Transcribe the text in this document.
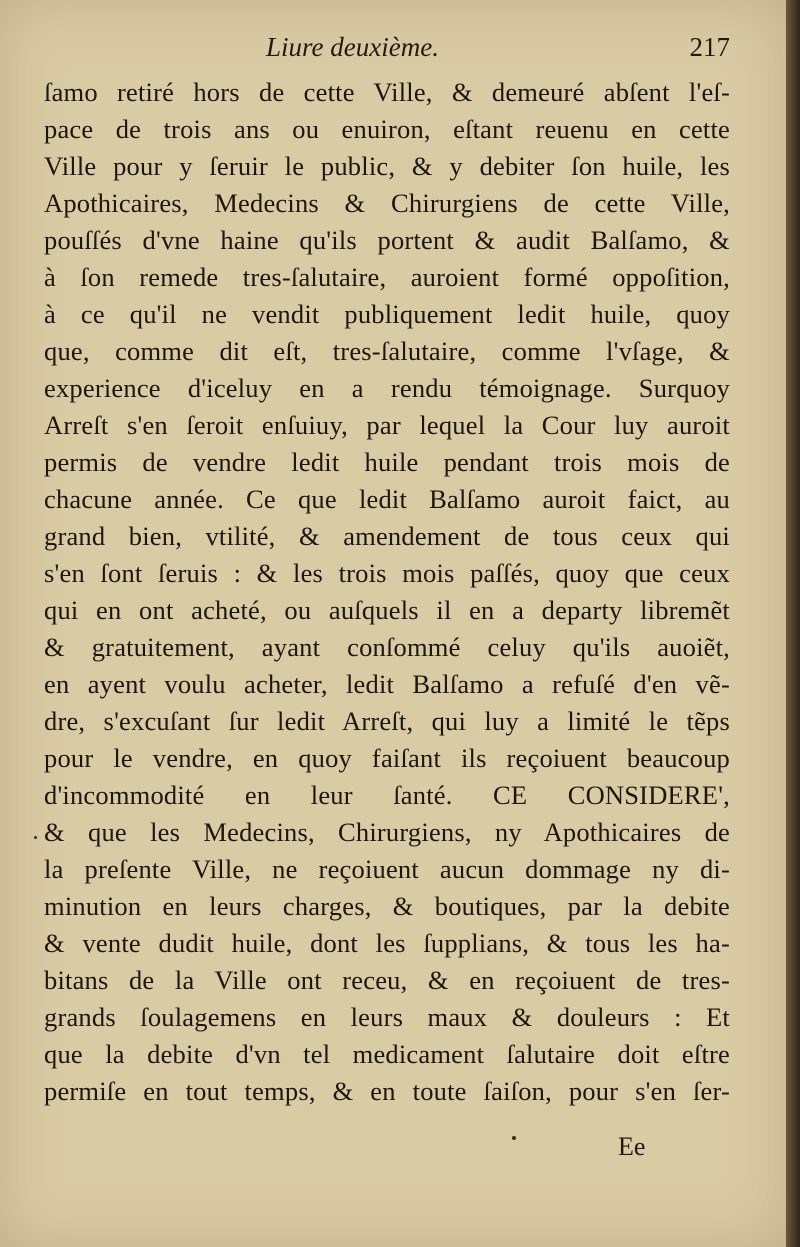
Liure deuxième.	217
ſamo retiré hors de cette Ville, & demeuré abſent l'eſ-
pace de trois ans ou enuiron, eſtant reuenu en cette
Ville pour y ſeruir le public, & y debiter ſon huile, les
Apothicaires, Medecins & Chirurgiens de cette Ville,
pouſſés d'vne haine qu'ils portent & audit Balſamo, &
à ſon remede tres-ſalutaire, auroient formé oppoſition,
à ce qu'il ne vendit publiquement ledit huile, quoy
que, comme dit eſt, tres-ſalutaire, comme l'vſage, &
experience d'iceluy en a rendu témoignage. Surquoy
Arreſt s'en ſeroit enſuiuy, par lequel la Cour luy auroit
permis de vendre ledit huile pendant trois mois de
chacune année. Ce que ledit Balſamo auroit faict, au
grand bien, vtilité, & amendement de tous ceux qui
s'en ſont ſeruis : & les trois mois paſſés, quoy que ceux
qui en ont acheté, ou auſquels il en a departy libremẽt
& gratuitement, ayant conſommé celuy qu'ils auoiẽt,
en ayent voulu acheter, ledit Balſamo a refuſé d'en vẽ-
dre, s'excuſant ſur ledit Arreſt, qui luy a limité le tẽps
pour le vendre, en quoy faiſant ils reçoiuent beaucoup
d'incommodité en leur ſanté. CE CONSIDERE',
& que les Medecins, Chirurgiens, ny Apothicaires de
la preſente Ville, ne reçoiuent aucun dommage ny di-
minution en leurs charges, & boutiques, par la debite
& vente dudit huile, dont les ſupplians, & tous les ha-
bitans de la Ville ont receu, & en reçoiuent de tres-
grands ſoulagemens en leurs maux & douleurs : Et
que la debite d'vn tel medicament ſalutaire doit eſtre
permiſe en tout temps, & en toute ſaiſon, pour s'en ſer-
Ee
